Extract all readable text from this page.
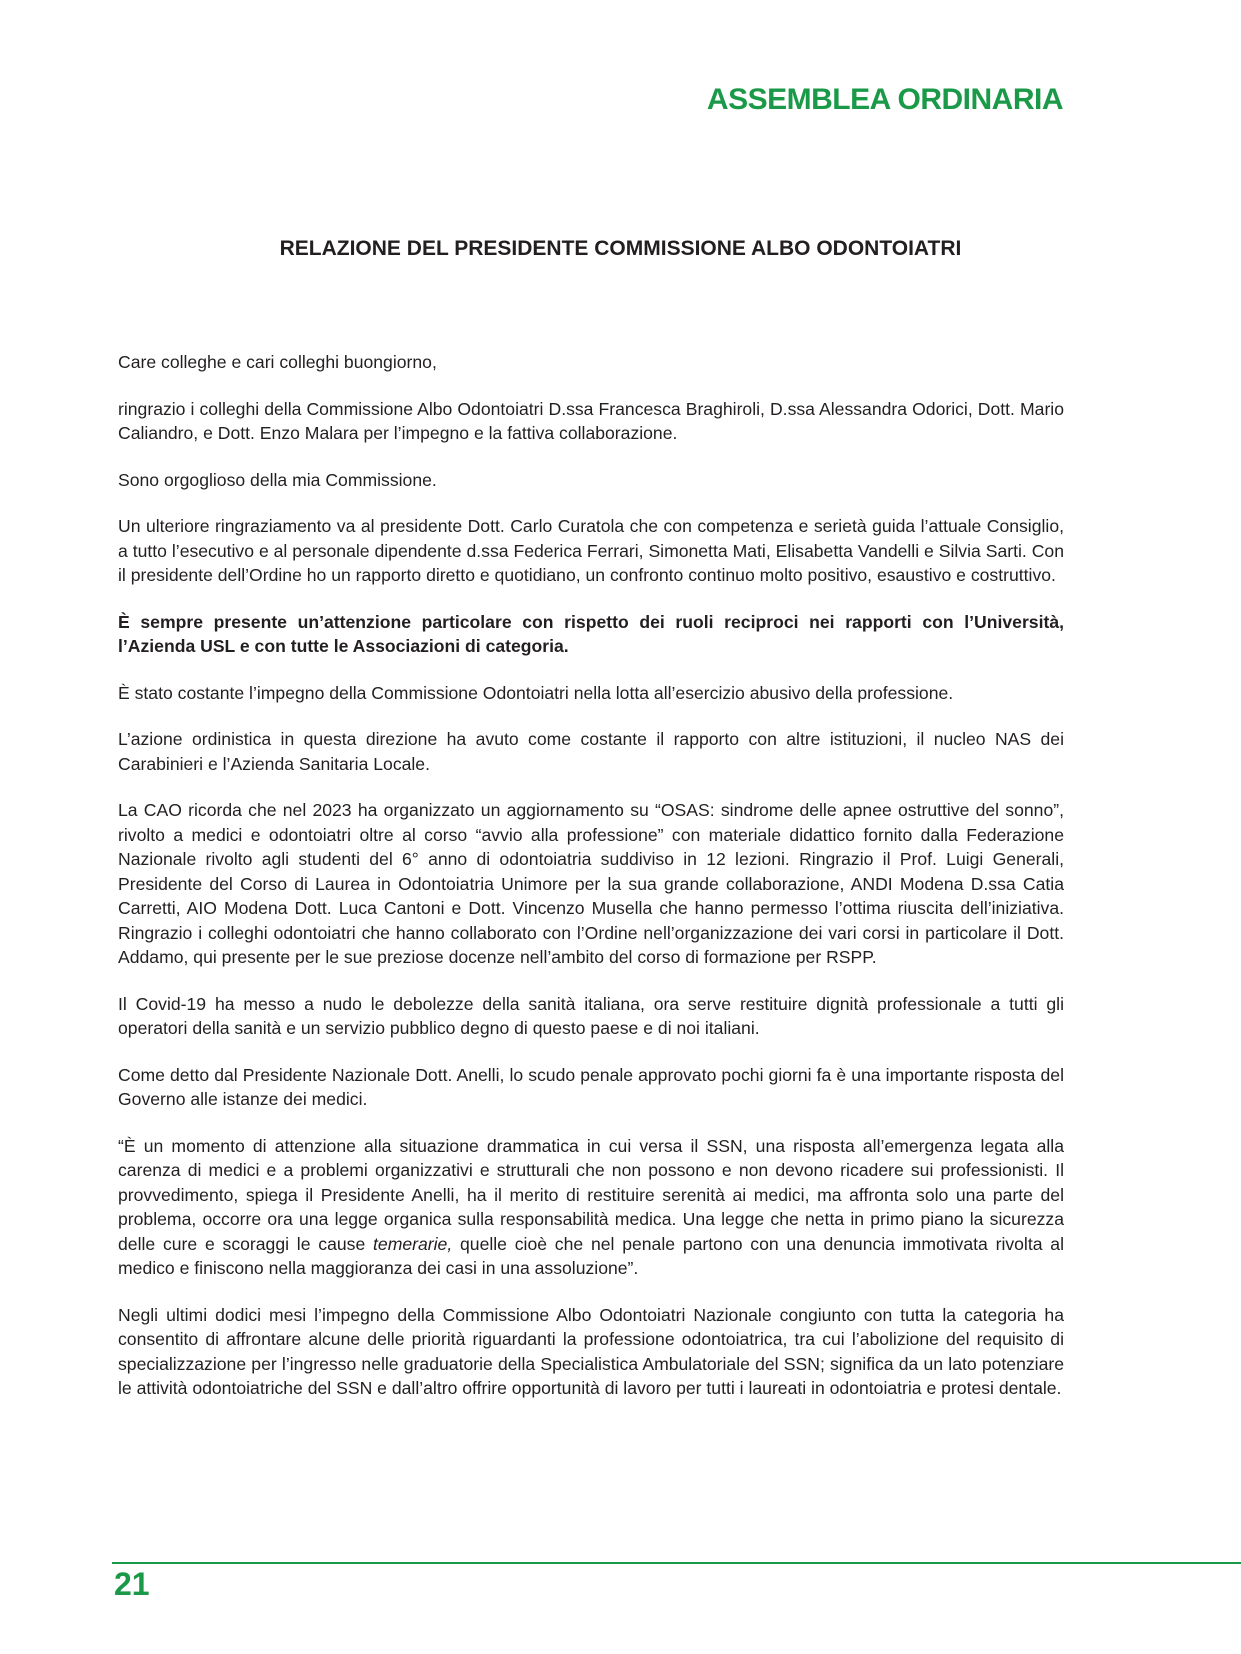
ASSEMBLEA ORDINARIA
RELAZIONE DEL PRESIDENTE COMMISSIONE ALBO ODONTOIATRI

Care colleghe e cari colleghi buongiorno,

ringrazio i colleghi della Commissione Albo Odontoiatri D.ssa Francesca Braghiroli, D.ssa Alessandra Odorici, Dott. Mario Caliandro, e Dott. Enzo Malara per l’impegno e la fattiva collaborazione.

Sono orgoglioso della mia Commissione.

Un ulteriore ringraziamento va al presidente Dott. Carlo Curatola che con competenza e serietà guida l’attuale Consiglio, a tutto l’esecutivo e al personale dipendente d.ssa Federica Ferrari, Simonetta Mati, Elisabetta Vandelli e Silvia Sarti. Con il presidente dell’Ordine ho un rapporto diretto e quotidiano, un confronto continuo molto positivo, esaustivo e costruttivo.

È sempre presente un’attenzione particolare con rispetto dei ruoli reciproci nei rapporti con l’Università, l’Azienda USL e con tutte le Associazioni di categoria.

È stato costante l’impegno della Commissione Odontoiatri nella lotta all’esercizio abusivo della professione.

L’azione ordinistica in questa direzione ha avuto come costante il rapporto con altre istituzioni, il nucleo NAS dei Carabinieri e l’Azienda Sanitaria Locale.

La CAO ricorda che nel 2023 ha organizzato un aggiornamento su “OSAS: sindrome delle apnee ostruttive del sonno”, rivolto a medici e odontoiatri oltre al corso “avvio alla professione” con materiale didattico fornito dalla Federazione Nazionale rivolto agli studenti del 6° anno di odontoiatria suddiviso in 12 lezioni. Ringrazio il Prof. Luigi Generali, Presidente del Corso di Laurea in Odontoiatria Unimore per la sua grande collaborazione, ANDI Modena D.ssa Catia Carretti, AIO Modena Dott. Luca Cantoni e Dott. Vincenzo Musella che hanno permesso l’ottima riuscita dell’iniziativa. Ringrazio i colleghi odontoiatri che hanno collaborato con l’Ordine nell’organizzazione dei vari corsi in particolare il Dott. Addamo, qui presente per le sue preziose docenze nell’ambito del corso di formazione per RSPP.

Il Covid-19 ha messo a nudo le debolezze della sanità italiana, ora serve restituire dignità professionale a tutti gli operatori della sanità e un servizio pubblico degno di questo paese e di noi italiani.

Come detto dal Presidente Nazionale Dott. Anelli, lo scudo penale approvato pochi giorni fa è una importante risposta del Governo alle istanze dei medici.

“È un momento di attenzione alla situazione drammatica in cui versa il SSN, una risposta all’emergenza legata alla carenza di medici e a problemi organizzativi e strutturali che non possono e non devono ricadere sui professionisti. Il provvedimento, spiega il Presidente Anelli, ha il merito di restituire serenità ai medici, ma affronta solo una parte del problema, occorre ora una legge organica sulla responsabilità medica. Una legge che netta in primo piano la sicurezza delle cure e scoraggi le cause temerarie, quelle cioè che nel penale partono con una denuncia immotivata rivolta al medico e finiscono nella maggioranza dei casi in una assoluzione”.

Negli ultimi dodici mesi l’impegno della Commissione Albo Odontoiatri Nazionale congiunto con tutta la categoria ha consentito di affrontare alcune delle priorità riguardanti la professione odontoiatrica, tra cui l’abolizione del requisito di specializzazione per l’ingresso nelle graduatorie della Specialistica Ambulatoriale del SSN; significa da un lato potenziare le attività odontoiatriche del SSN e dall’altro offrire opportunità di lavoro per tutti i laureati in odontoiatria e protesi dentale.

21
